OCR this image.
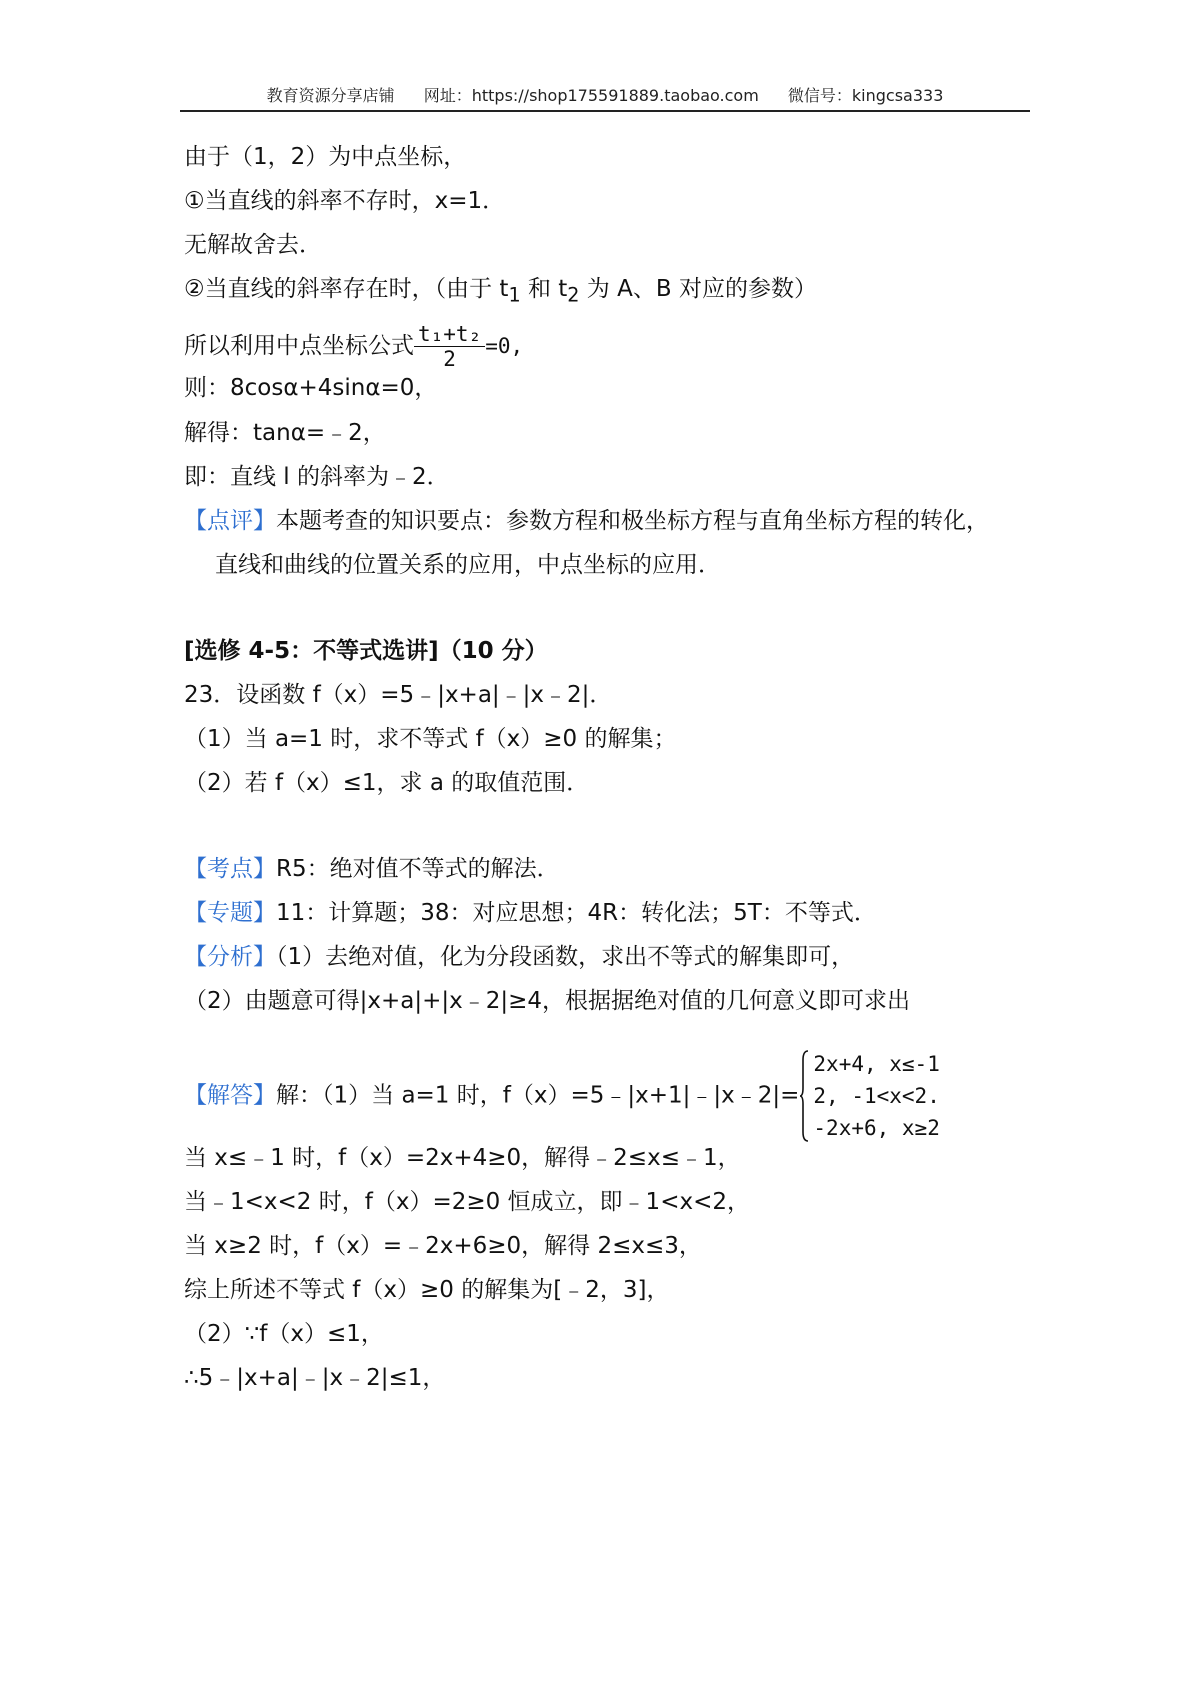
教育资源分享店铺 网址：https://shop175591889.taobao.com 微信号：kingcsa333
由于（1，2）为中点坐标，
①当直线的斜率不存时，x=1．
无解故舍去．
②当直线的斜率存在时，（由于 $t_1$ 和 $t_2$ 为 A、B 对应的参数）
所以利用中点坐标公式 $\frac{\text{t₁+t₂}}{2} =0$,
则：8cosα+4sinα=0，
解得：tanα=﹣2，
即：直线 l 的斜率为﹣2．
【点评】本题考查的知识要点：参数方程和极坐标方程与直角坐标方程的转化，
直线和曲线的位置关系的应用，中点坐标的应用．
[选修 4-5：不等式选讲]（10 分）
23．设函数 f（x）=5﹣|x+a|﹣|x﹣2|．
（1）当 a=1 时，求不等式 f（x）≥0 的解集；
（2）若 f（x）≤1，求 a 的取值范围．
【考点】R5：绝对值不等式的解法．
【专题】11：计算题；38：对应思想；4R：转化法；5T：不等式．
【分析】（1）去绝对值，化为分段函数，求出不等式的解集即可，
（2）由题意可得|x+a|+|x﹣2|≥4，根据据绝对值的几何意义即可求出
【解答】解：（1）当 a=1 时，f（x）=5﹣|x+1|﹣|x﹣2|=
2x+4, x≤-1
2, -1<x<2.
-2x+6, x≥2
当 x≤﹣1 时，f（x）=2x+4≥0，解得﹣2≤x≤﹣1，
当﹣1<x<2 时，f（x）=2≥0 恒成立，即﹣1<x<2，
当 x≥2 时，f（x）=﹣2x+6≥0，解得 2≤x≤3，
综上所述不等式 f（x）≥0 的解集为[﹣2，3]，
（2）∵f（x）≤1，
∴5﹣|x+a|﹣|x﹣2|≤1，
